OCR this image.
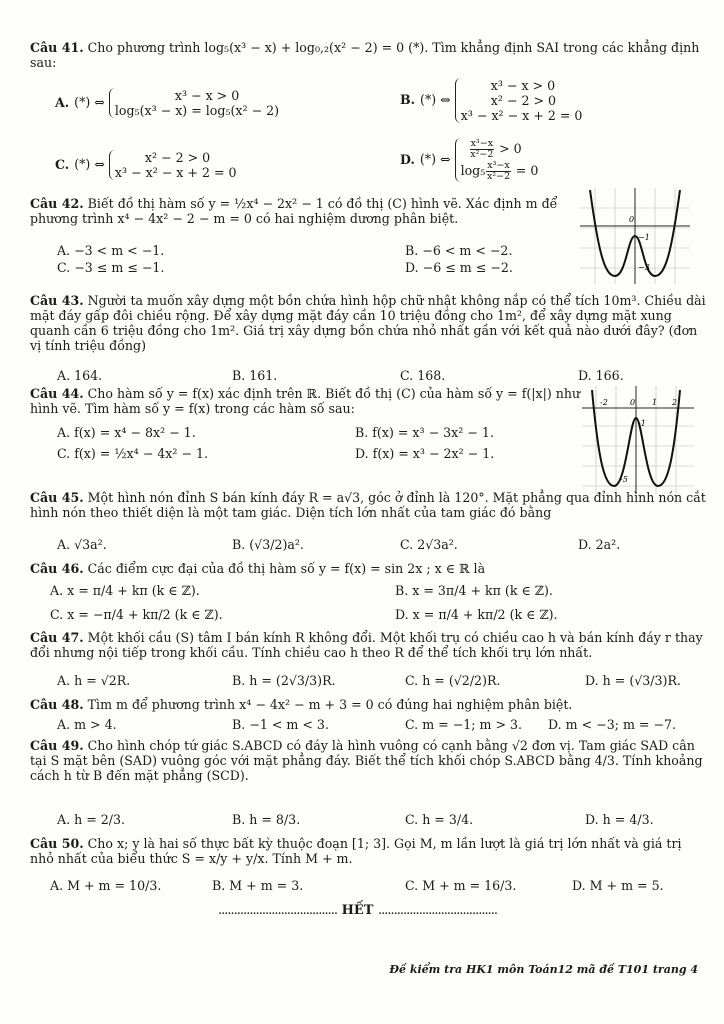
Câu 41. Cho phương trình log₅(x³ − x) + log₀,₂(x² − 2) = 0 (*). Tìm khẳng định SAI trong các khẳng định sau:
A. (*) ⇔	x³ − x > 0
log₅(x³ − x) = log₅(x² − 2)
B. (*) ⇔ x³ − x > 0
x² − 2 > 0
x³ − x² − x + 2 = 0
C. (*) ⇔	x² − 2 > 0
x³ − x² − x + 2 = 0
D. (*) ⇔ $\frac{\text{x³−x}}{\text{x²−2}} > 0$
$\log_5 \frac{\text{x³−x}}{\text{x²−2}} = 0$
Câu 42. Biết đồ thị hàm số y = ½x⁴ − 2x² − 1 có đồ thị (C) hình vẽ. Xác định m để phương trình x⁴ − 4x² − 2 − m = 0 có hai nghiệm dương phân biệt.
A. −3 < m < −1.	B. −6 < m < −2.
C. −3 ≤ m ≤ −1.	D. −6 ≤ m ≤ −2.
0
−1
−3
Câu 43. Người ta muốn xây dựng một bồn chứa hình hộp chữ nhật không nắp có thể tích 10m³. Chiều dài mặt đáy gấp đôi chiều rộng. Để xây dựng mặt đáy cần 10 triệu đồng cho 1m², để xây dựng mặt xung quanh cần 6 triệu đồng cho 1m². Giá trị xây dựng bồn chứa nhỏ nhất gần với kết quả nào dưới đây? (đơn vị tính triệu đồng)
A. 164.	B. 161.	C. 168.	D. 166.
Câu 44. Cho hàm số y = f(x) xác định trên ℝ. Biết đồ thị (C) của hàm số y = f(|x|) như hình vẽ. Tìm hàm số y = f(x) trong các hàm số sau:
A. f(x) = x⁴ − 8x² − 1.	B. f(x) = x³ − 3x² − 1.
C. f(x) = ½x⁴ − 4x² − 1.	D. f(x) = x³ − 2x² − 1.
-2	0 1 2
-1
-5
Câu 45. Một hình nón đỉnh S bán kính đáy R = a√3, góc ở đỉnh là 120°. Mặt phẳng qua đỉnh hình nón cắt hình nón theo thiết diện là một tam giác. Diện tích lớn nhất của tam giác đó bằng
A. √3a².	B. (√3/2)a².	C. 2√3a².	D. 2a².
Câu 46. Các điểm cực đại của đồ thị hàm số y = f(x) = sin 2x ; x ∈ ℝ là
A. x = π/4 + kπ (k ∈ ℤ).	B. x = 3π/4 + kπ (k ∈ ℤ).
C. x = −π/4 + kπ/2 (k ∈ ℤ).	D. x = π/4 + kπ/2 (k ∈ ℤ).
Câu 47. Một khối cầu (S) tâm I bán kính R không đổi. Một khối trụ có chiều cao h và bán kính đáy r thay đổi nhưng nội tiếp trong khối cầu. Tính chiều cao h theo R để thể tích khối trụ lớn nhất.
A. h = √2R.	B. h = (2√3/3)R.	C. h = (√2/2)R.	D. h = (√3/3)R.
Câu 48. Tìm m để phương trình x⁴ − 4x² − m + 3 = 0 có đúng hai nghiệm phân biệt.
A. m > 4.	B. −1 < m < 3.	C. m = −1; m > 3. D. m < −3; m = −7.
Câu 49. Cho hình chóp tứ giác S.ABCD có đáy là hình vuông có cạnh bằng √2 đơn vị. Tam giác SAD cân tại S mặt bên (SAD) vuông góc với mặt phẳng đáy. Biết thể tích khối chóp S.ABCD bằng 4/3. Tính khoảng cách h từ B đến mặt phẳng (SCD).
A. h = 2/3.	B. h = 8/3.	C. h = 3/4.	D. h = 4/3.
Câu 50. Cho x; y là hai số thực bất kỳ thuộc đoạn [1; 3]. Gọi M, m lần lượt là giá trị lớn nhất và giá trị nhỏ nhất của biểu thức S = x/y + y/x. Tính M + m.
A. M + m = 10/3.	B. M + m = 3.	C. M + m = 16/3.	D. M + m = 5.
...................................... HẾT ......................................
Đề kiểm tra HK1 môn Toán12 mã đề T101 trang 4
